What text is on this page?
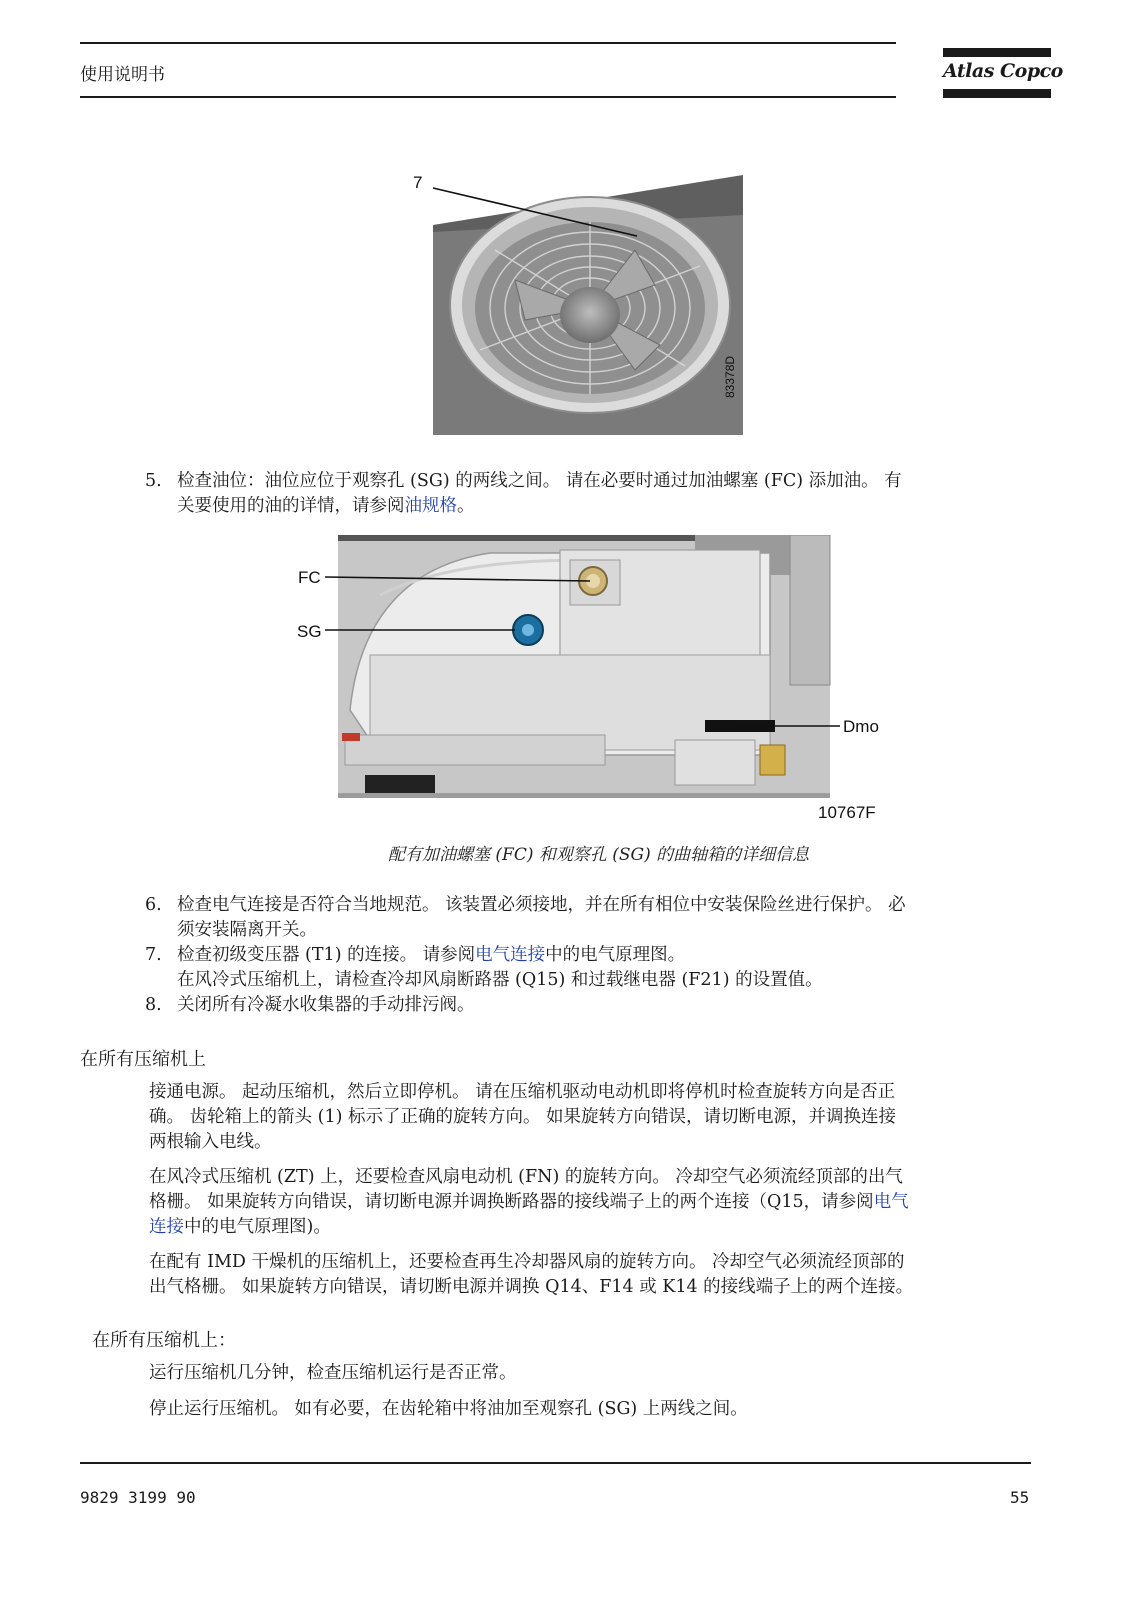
使用说明书	Atlas Copco
7
83378D
5. 检查油位：油位应位于观察孔 (SG) 的两线之间。 请在必要时通过加油螺塞 (FC) 添加油。 有
关要使用的油的详情，请参阅油规格。
FC
SG
Dmo
10767F
配有加油螺塞 (FC) 和观察孔 (SG) 的曲轴箱的详细信息
6. 检查电气连接是否符合当地规范。 该装置必须接地，并在所有相位中安装保险丝进行保护。 必
须安装隔离开关。
7. 检查初级变压器 (T1) 的连接。 请参阅电气连接中的电气原理图。
在风冷式压缩机上，请检查冷却风扇断路器 (Q15) 和过载继电器 (F21) 的设置值。
8. 关闭所有冷凝水收集器的手动排污阀。
在所有压缩机上
接通电源。 起动压缩机，然后立即停机。 请在压缩机驱动电动机即将停机时检查旋转方向是否正
确。 齿轮箱上的箭头 (1) 标示了正确的旋转方向。 如果旋转方向错误，请切断电源，并调换连接
两根输入电线。
在风冷式压缩机 (ZT) 上，还要检查风扇电动机 (FN) 的旋转方向。 冷却空气必须流经顶部的出气
格栅。 如果旋转方向错误，请切断电源并调换断路器的接线端子上的两个连接（Q15，请参阅电气
连接中的电气原理图)。
在配有 IMD 干燥机的压缩机上，还要检查再生冷却器风扇的旋转方向。 冷却空气必须流经顶部的
出气格栅。 如果旋转方向错误，请切断电源并调换 Q14、F14 或 K14 的接线端子上的两个连接。
在所有压缩机上：
运行压缩机几分钟，检查压缩机运行是否正常。
停止运行压缩机。 如有必要，在齿轮箱中将油加至观察孔 (SG) 上两线之间。
9829 3199 90	55
